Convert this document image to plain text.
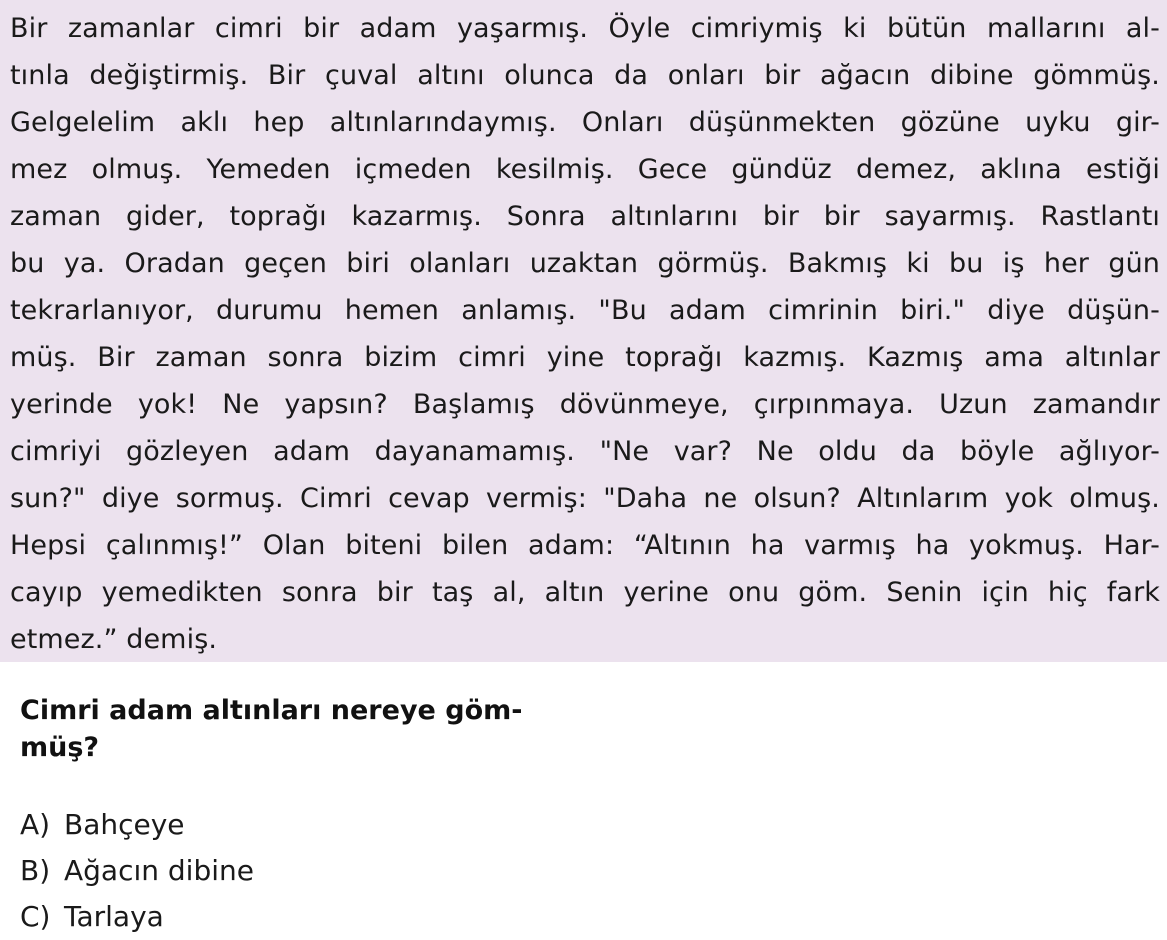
Bir zamanlar cimri bir adam yaşarmış. Öyle cimriymiş ki bütün mallarını al-
tınla değiştirmiş. Bir çuval altını olunca da onları bir ağacın dibine gömmüş.
Gelgelelim aklı hep altınlarındaymış. Onları düşünmekten gözüne uyku gir-
mez olmuş. Yemeden içmeden kesilmiş. Gece gündüz demez, aklına estiği
zaman gider, toprağı kazarmış. Sonra altınlarını bir bir sayarmış. Rastlantı
bu ya. Oradan geçen biri olanları uzaktan görmüş. Bakmış ki bu iş her gün
tekrarlanıyor, durumu hemen anlamış. "Bu adam cimrinin biri." diye düşün-
müş. Bir zaman sonra bizim cimri yine toprağı kazmış. Kazmış ama altınlar
yerinde yok! Ne yapsın? Başlamış dövünmeye, çırpınmaya. Uzun zamandır
cimriyi gözleyen adam dayanamamış. "Ne var? Ne oldu da böyle ağlıyor-
sun?" diye sormuş. Cimri cevap vermiş: "Daha ne olsun? Altınlarım yok olmuş.
Hepsi çalınmış!” Olan biteni bilen adam: “Altının ha varmış ha yokmuş. Har-
cayıp yemedikten sonra bir taş al, altın yerine onu göm. Senin için hiç fark
etmez.” demiş.
Cimri adam altınları nereye göm-
müş?
A) Bahçeye
B) Ağacın dibine
C) Tarlaya
